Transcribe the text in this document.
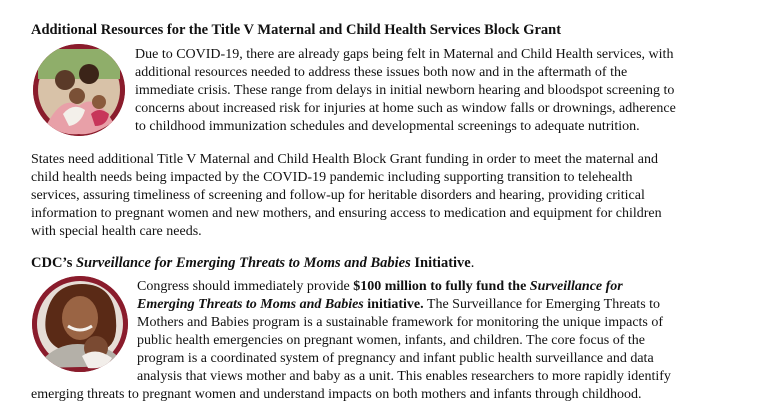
Additional Resources for the Title V Maternal and Child Health Services Block Grant

Due to COVID-19, there are already gaps being felt in Maternal and Child Health services, with
additional resources needed to address these issues both now and in the aftermath of the
immediate crisis. These range from delays in initial newborn hearing and bloodspot screening to
concerns about increased risk for injuries at home such as window falls or drownings, adherence
to childhood immunization schedules and developmental screenings to adequate nutrition.

States need additional Title V Maternal and Child Health Block Grant funding in order to meet the maternal and
child health needs being impacted by the COVID-19 pandemic including supporting transition to telehealth
services, assuring timeliness of screening and follow-up for heritable disorders and hearing, providing critical
information to pregnant women and new mothers, and ensuring access to medication and equipment for children
with special health care needs.

CDC’s Surveillance for Emerging Threats to Moms and Babies Initiative.

Congress should immediately provide $100 million to fully fund the Surveillance for
Emerging Threats to Moms and Babies initiative. The Surveillance for Emerging Threats to
Mothers and Babies program is a sustainable framework for monitoring the unique impacts of
public health emergencies on pregnant women, infants, and children. The core focus of the
program is a coordinated system of pregnancy and infant public health surveillance and data
analysis that views mother and baby as a unit. This enables researchers to more rapidly identify

emerging threats to pregnant women and understand impacts on both mothers and infants through childhood.
